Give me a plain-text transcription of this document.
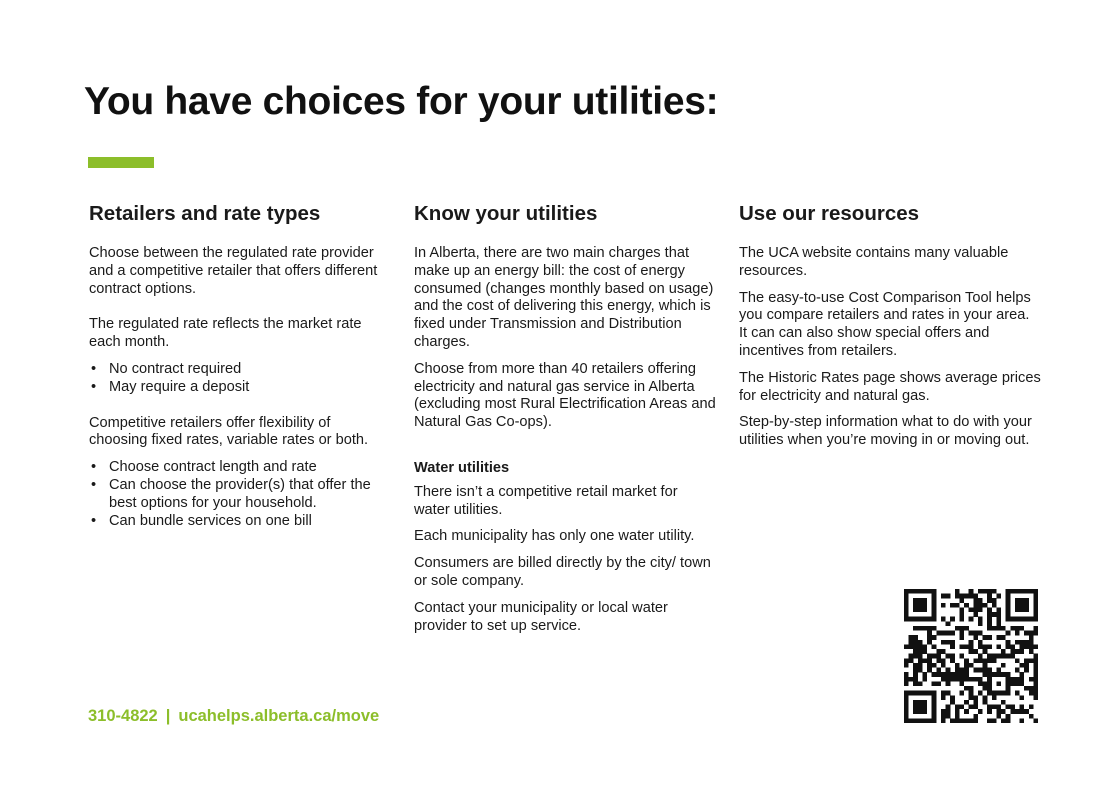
You have choices for your utilities:
Retailers and rate types

Choose between the regulated rate provider and a competitive retailer that offers different contract options.

The regulated rate reflects the market rate each month.

• No contract required
• May require a deposit

Competitive retailers offer flexibility of choosing fixed rates, variable rates or both.

• Choose contract length and rate
• Can choose the provider(s) that offer the best options for your household.
• Can bundle services on one bill
Know your utilities

In Alberta, there are two main charges that make up an energy bill: the cost of energy consumed (changes monthly based on usage) and the cost of delivering this energy, which is fixed under Transmission and Distribution charges.

Choose from more than 40 retailers offering electricity and natural gas service in Alberta (excluding most Rural Electrification Areas and Natural Gas Co-ops).

Water utilities

There isn’t a competitive retail market for water utilities.

Each municipality has only one water utility.

Consumers are billed directly by the city/ town or sole company.

Contact your municipality or local water provider to set up service.

Use our resources

The UCA website contains many valuable resources.

The easy-to-use Cost Comparison Tool helps you compare retailers and rates in your area. It can can also show special offers and incentives from retailers.

The Historic Rates page shows average prices for electricity and natural gas.

Step-by-step information what to do with your utilities when you’re moving in or moving out.

310-4822 | ucahelps.alberta.ca/move
